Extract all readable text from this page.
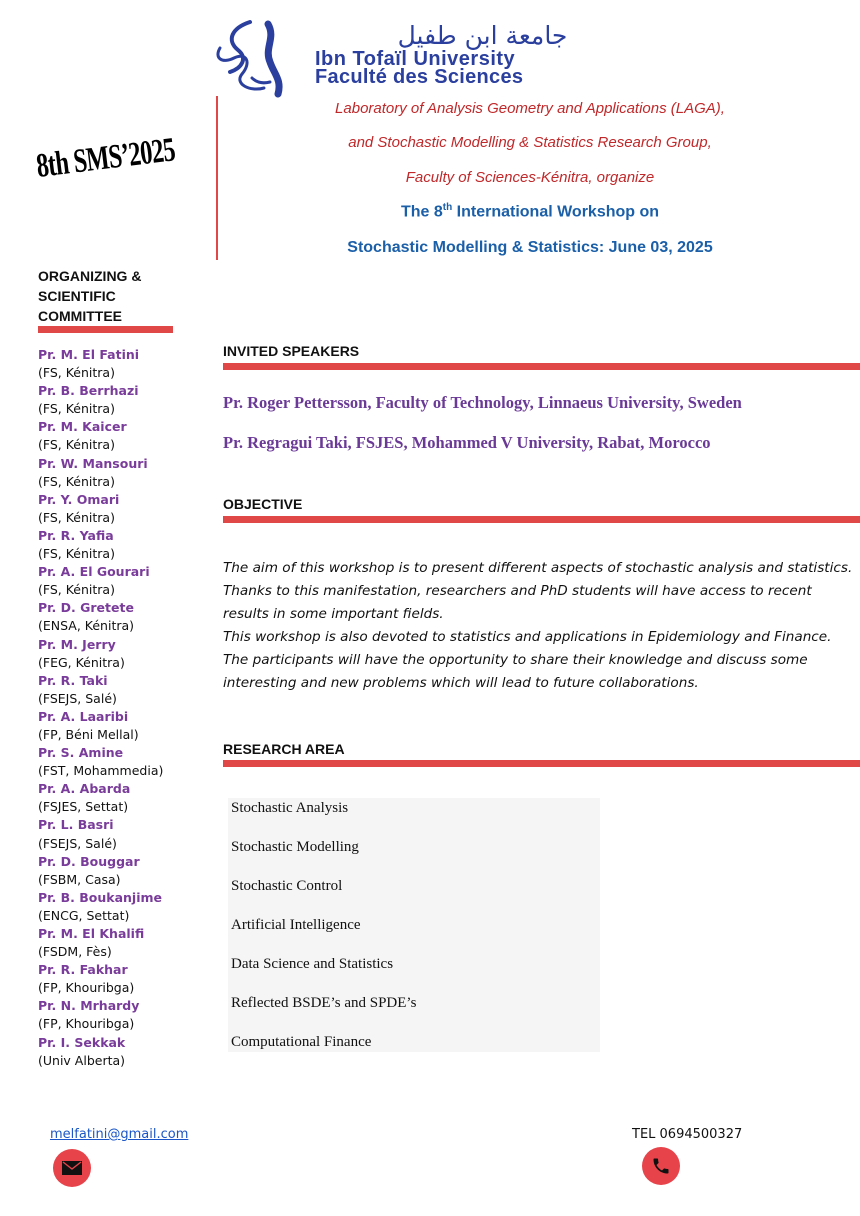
جامعة ابن طفيل
Ibn Tofaïl University
Faculté des Sciences
8th SMS’2025
Laboratory of Analysis Geometry and Applications (LAGA),
and Stochastic Modelling & Statistics Research Group,
Faculty of Sciences-Kénitra, organize
The 8th International Workshop on
Stochastic Modelling & Statistics: June 03, 2025
ORGANIZING & SCIENTIFIC COMMITTEE
Pr. M. El Fatini
(FS, Kénitra)
Pr. B. Berrhazi
(FS, Kénitra)
Pr. M. Kaicer
(FS, Kénitra)
Pr. W. Mansouri
(FS, Kénitra)
Pr. Y. Omari
(FS, Kénitra)
Pr. R. Yafia
(FS, Kénitra)
Pr. A. El Gourari
(FS, Kénitra)
Pr. D. Gretete
(ENSA, Kénitra)
Pr. M. Jerry
(FEG, Kénitra)
Pr. R. Taki
(FSEJS, Salé)
Pr. A. Laaribi
(FP, Béni Mellal)
Pr. S. Amine
(FST, Mohammedia)
Pr. A. Abarda
(FSJES, Settat)
Pr. L. Basri
(FSEJS, Salé)
Pr. D. Bouggar
(FSBM, Casa)
Pr. B. Boukanjime
(ENCG, Settat)
Pr. M. El Khalifi
(FSDM, Fès)
Pr. R. Fakhar
(FP, Khouribga)
Pr. N. Mrhardy
(FP, Khouribga)
Pr. I. Sekkak
(Univ Alberta)
INVITED SPEAKERS
Pr. Roger Pettersson, Faculty of Technology, Linnaeus University, Sweden
Pr. Regragui Taki, FSJES, Mohammed V University, Rabat, Morocco
OBJECTIVE

The aim of this workshop is to present different aspects of stochastic analysis and statistics. Thanks to this manifestation, researchers and PhD students will have access to recent results in some important fields.

This workshop is also devoted to statistics and applications in Epidemiology and Finance. The participants will have the opportunity to share their knowledge and discuss some interesting and new problems which will lead to future collaborations.

RESEARCH AREA
Stochastic Analysis
Stochastic Modelling
Stochastic Control
Artificial Intelligence
Data Science and Statistics
Reflected BSDE’s and SPDE’s
Computational Finance
melfatini@gmail.com	TEL 0694500327
